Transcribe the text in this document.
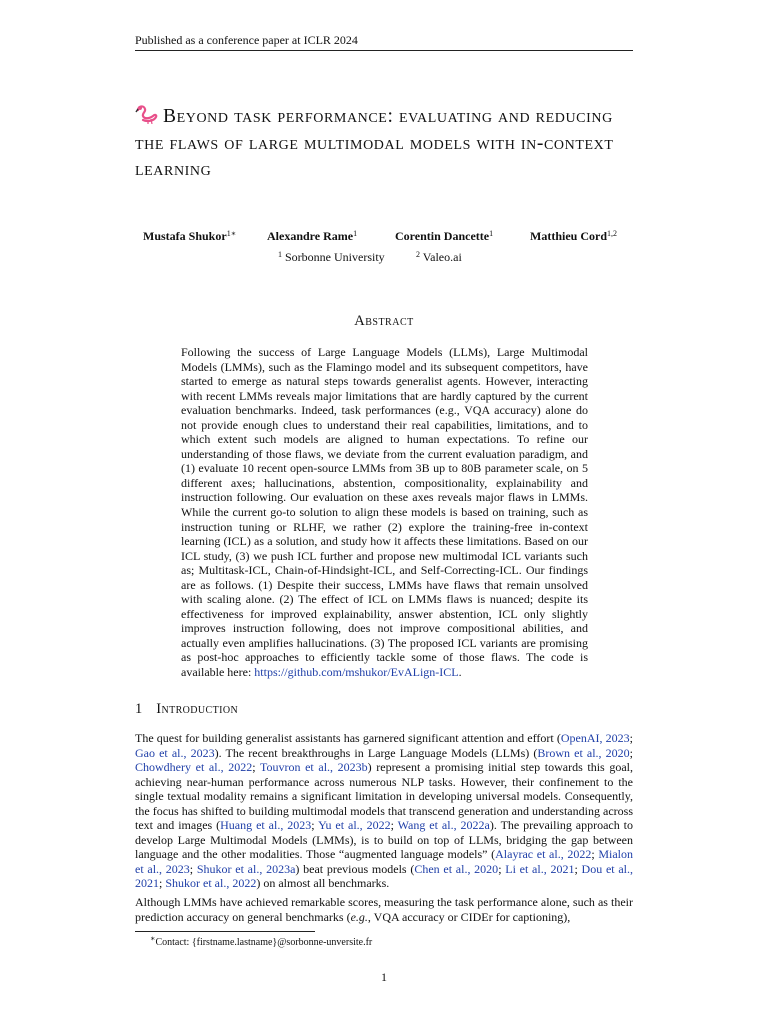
Published as a conference paper at ICLR 2024
Beyond task performance: evaluating and reducing the flaws of large multimodal models with in-context learning
Mustafa Shukor$^{1∗}$	Alexandre Rame$^1$	Corentin Dancette$^1$	Matthieu Cord$^{1,2}$
$^1$ Sorbonne University	$^2$ Valeo.ai
Abstract
Following the success of Large Language Models (LLMs), Large Multimodal Models (LMMs), such as the Flamingo model and its subsequent competitors, have started to emerge as natural steps towards generalist agents. However, interacting with recent LMMs reveals major limitations that are hardly captured by the current evaluation benchmarks. Indeed, task performances (e.g., VQA accuracy) alone do not provide enough clues to understand their real capabilities, limitations, and to which extent such models are aligned to human expectations. To refine our understanding of those flaws, we deviate from the current evaluation paradigm, and (1) evaluate 10 recent open-source LMMs from 3B up to 80B parameter scale, on 5 different axes; hallucinations, abstention, compositionality, explainability and instruction following. Our evaluation on these axes reveals major flaws in LMMs. While the current go-to solution to align these models is based on training, such as instruction tuning or RLHF, we rather (2) explore the training-free in-context learning (ICL) as a solution, and study how it affects these limitations. Based on our ICL study, (3) we push ICL further and propose new multimodal ICL variants such as; Multitask-ICL, Chain-of-Hindsight-ICL, and Self-Correcting-ICL. Our findings are as follows. (1) Despite their success, LMMs have flaws that remain unsolved with scaling alone. (2) The effect of ICL on LMMs flaws is nuanced; despite its effectiveness for improved explainability, answer abstention, ICL only slightly improves instruction following, does not improve compositional abilities, and actually even amplifies hallucinations. (3) The proposed ICL variants are promising as post-hoc approaches to efficiently tackle some of those flaws. The code is available here: https://github.com/mshukor/EvALign-ICL.
1 Introduction
The quest for building generalist assistants has garnered significant attention and effort (OpenAI, 2023; Gao et al., 2023). The recent breakthroughs in Large Language Models (LLMs) (Brown et al., 2020; Chowdhery et al., 2022; Touvron et al., 2023b) represent a promising initial step towards this goal, achieving near-human performance across numerous NLP tasks. However, their confinement to the single textual modality remains a significant limitation in developing universal models. Consequently, the focus has shifted to building multimodal models that transcend generation and understanding across text and images (Huang et al., 2023; Yu et al., 2022; Wang et al., 2022a). The prevailing approach to develop Large Multimodal Models (LMMs), is to build on top of LLMs, bridging the gap between language and the other modalities. Those “augmented language models” (Alayrac et al., 2022; Mialon et al., 2023; Shukor et al., 2023a) beat previous models (Chen et al., 2020; Li et al., 2021; Dou et al., 2021; Shukor et al., 2022) on almost all benchmarks.
Although LMMs have achieved remarkable scores, measuring the task performance alone, such as their prediction accuracy on general benchmarks (e.g., VQA accuracy or CIDEr for captioning),
∗Contact: {firstname.lastname}@sorbonne-unversite.fr
1
